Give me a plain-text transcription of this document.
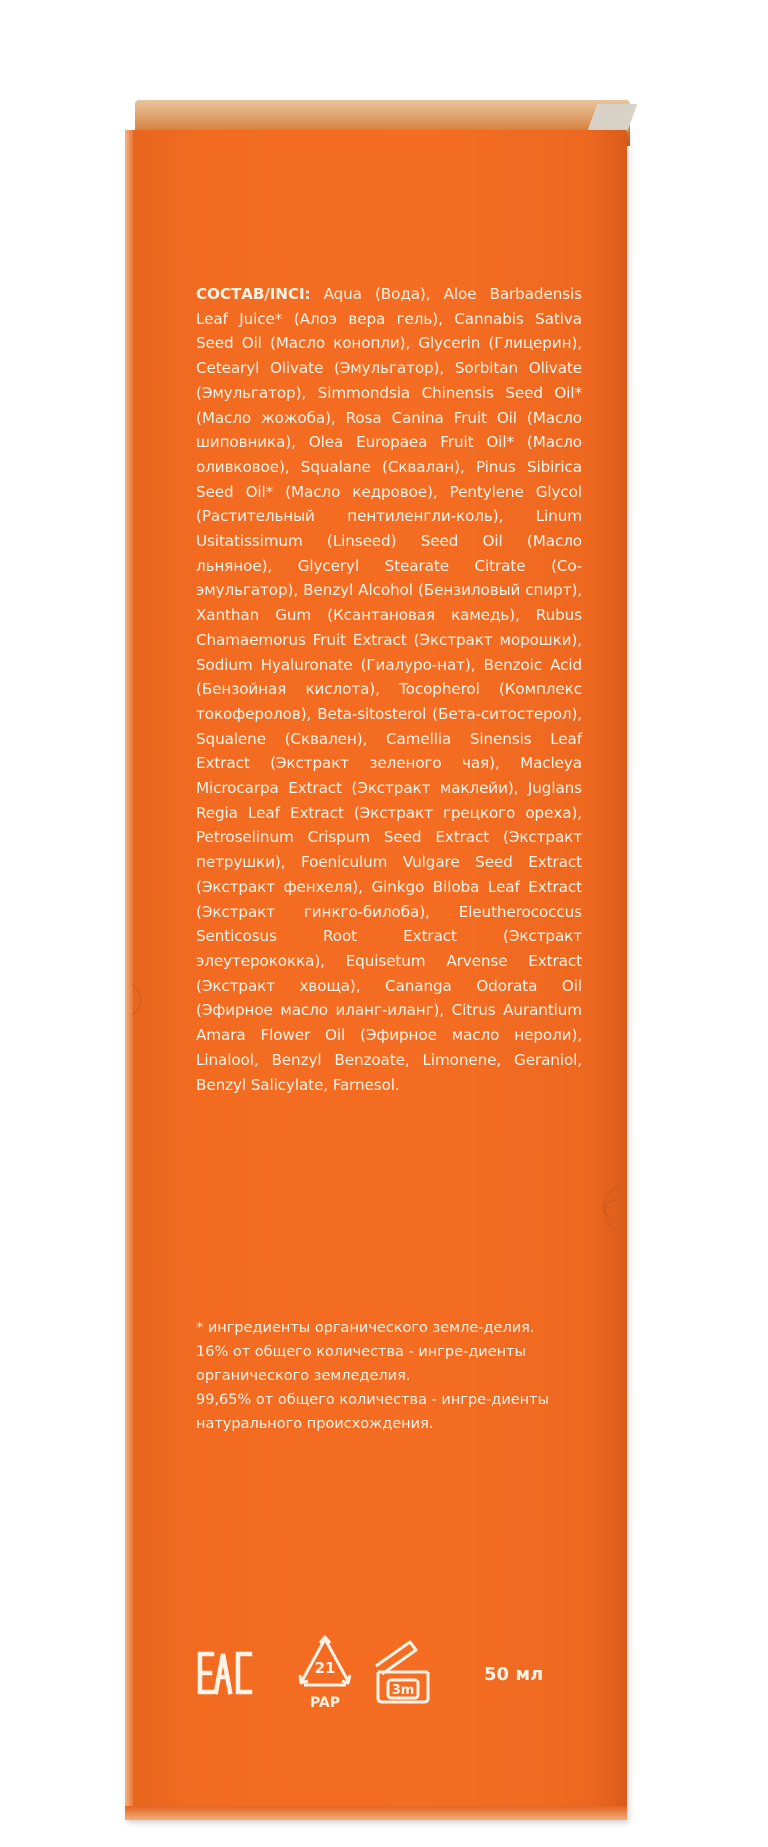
СОСТАВ/INCI: Aqua (Вода), Aloe Barbadensis Leaf Juice* (Алоэ вера гель), Cannabis Sativa Seed Oil (Масло конопли), Glycerin (Глицерин), Cetearyl Olivate (Эмульгатор), Sorbitan Olivate (Эмульгатор), Simmondsia Chinensis Seed Oil* (Масло жожоба), Rosa Canina Fruit Oil (Масло шиповника), Olea Europaea Fruit Oil* (Масло оливковое), Squalane (Сквалан), Pinus Sibirica Seed Oil* (Масло кедровое), Pentylene Glycol (Растительный пентиленгли-коль), Linum Usitatissimum (Linseed) Seed Oil (Масло льняное), Glyceryl Stearate Citrate (Со-эмульгатор), Benzyl Alcohol (Бензиловый спирт), Xanthan Gum (Ксантановая камедь), Rubus Chamaemorus Fruit Extract (Экстракт морошки), Sodium Hyaluronate (Гиалуро-нат), Benzoic Acid (Бензойная кислота), Tocopherol (Комплекс токоферолов), Beta-sitosterol (Бета-ситостерол), Squalene (Сквален), Camellia Sinensis Leaf Extract (Экстракт зеленого чая), Macleya Microcarpa Extract (Экстракт маклейи), Juglans Regia Leaf Extract (Экстракт грецкого ореха), Petroselinum Crispum Seed Extract (Экстракт петрушки), Foeniculum Vulgare Seed Extract (Экстракт фенхеля), Ginkgo Biloba Leaf Extract (Экстракт гинкго-билоба), Eleutherococcus Senticosus Root Extract (Экстракт элеутерококка), Equisetum Arvense Extract (Экстракт хвоща), Cananga Odorata Oil (Эфирное масло иланг-иланг), Citrus Aurantium Amara Flower Oil (Эфирное масло нероли), Linalool, Benzyl Benzoate, Limonene, Geraniol, Benzyl Salicylate, Farnesol.

* ингредиенты органического земле-делия.

16% от общего количества - ингре-диенты органического земледелия.

99,65% от общего количества - ингре-диенты натурального происхождения.

ЕАС
21
PAP
3m
50 мл
